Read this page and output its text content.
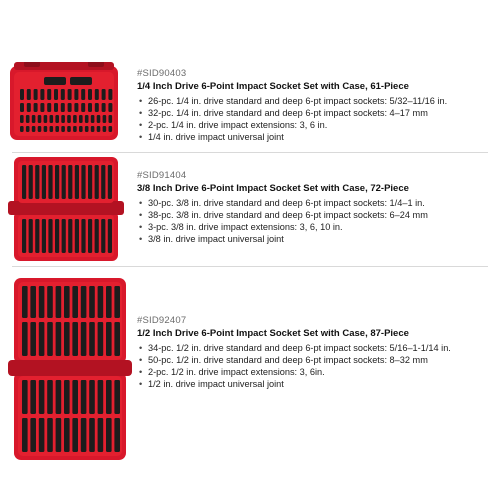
#SID90403
1/4 Inch Drive 6-Point Impact Socket Set with Case, 61-Piece
• 26-pc. 1/4 in. drive standard and deep 6-pt impact sockets: 5/32–11/16 in.
• 32-pc. 1/4 in. drive standard and deep 6-pt impact sockets: 4–17 mm
• 2-pc. 1/4 in. drive impact extensions: 3, 6 in.
• 1/4 in. drive impact universal joint
#SID91404
3/8 Inch Drive 6-Point Impact Socket Set with Case, 72-Piece
• 30-pc. 3/8 in. drive standard and deep 6-pt impact sockets: 1/4–1 in.
• 38-pc. 3/8 in. drive standard and deep 6-pt impact sockets: 6–24 mm
• 3-pc. 3/8 in. drive impact extensions: 3, 6, 10 in.
• 3/8 in. drive impact universal joint
#SID92407
1/2 Inch Drive 6-Point Impact Socket Set with Case, 87-Piece
• 34-pc. 1/2 in. drive standard and deep 6-pt impact sockets: 5/16–1-1/14 in.
• 50-pc. 1/2 in. drive standard and deep 6-pt impact sockets: 8–32 mm
• 2-pc. 1/2 in. drive impact extensions: 3, 6in.
• 1/2 in. drive impact universal joint
